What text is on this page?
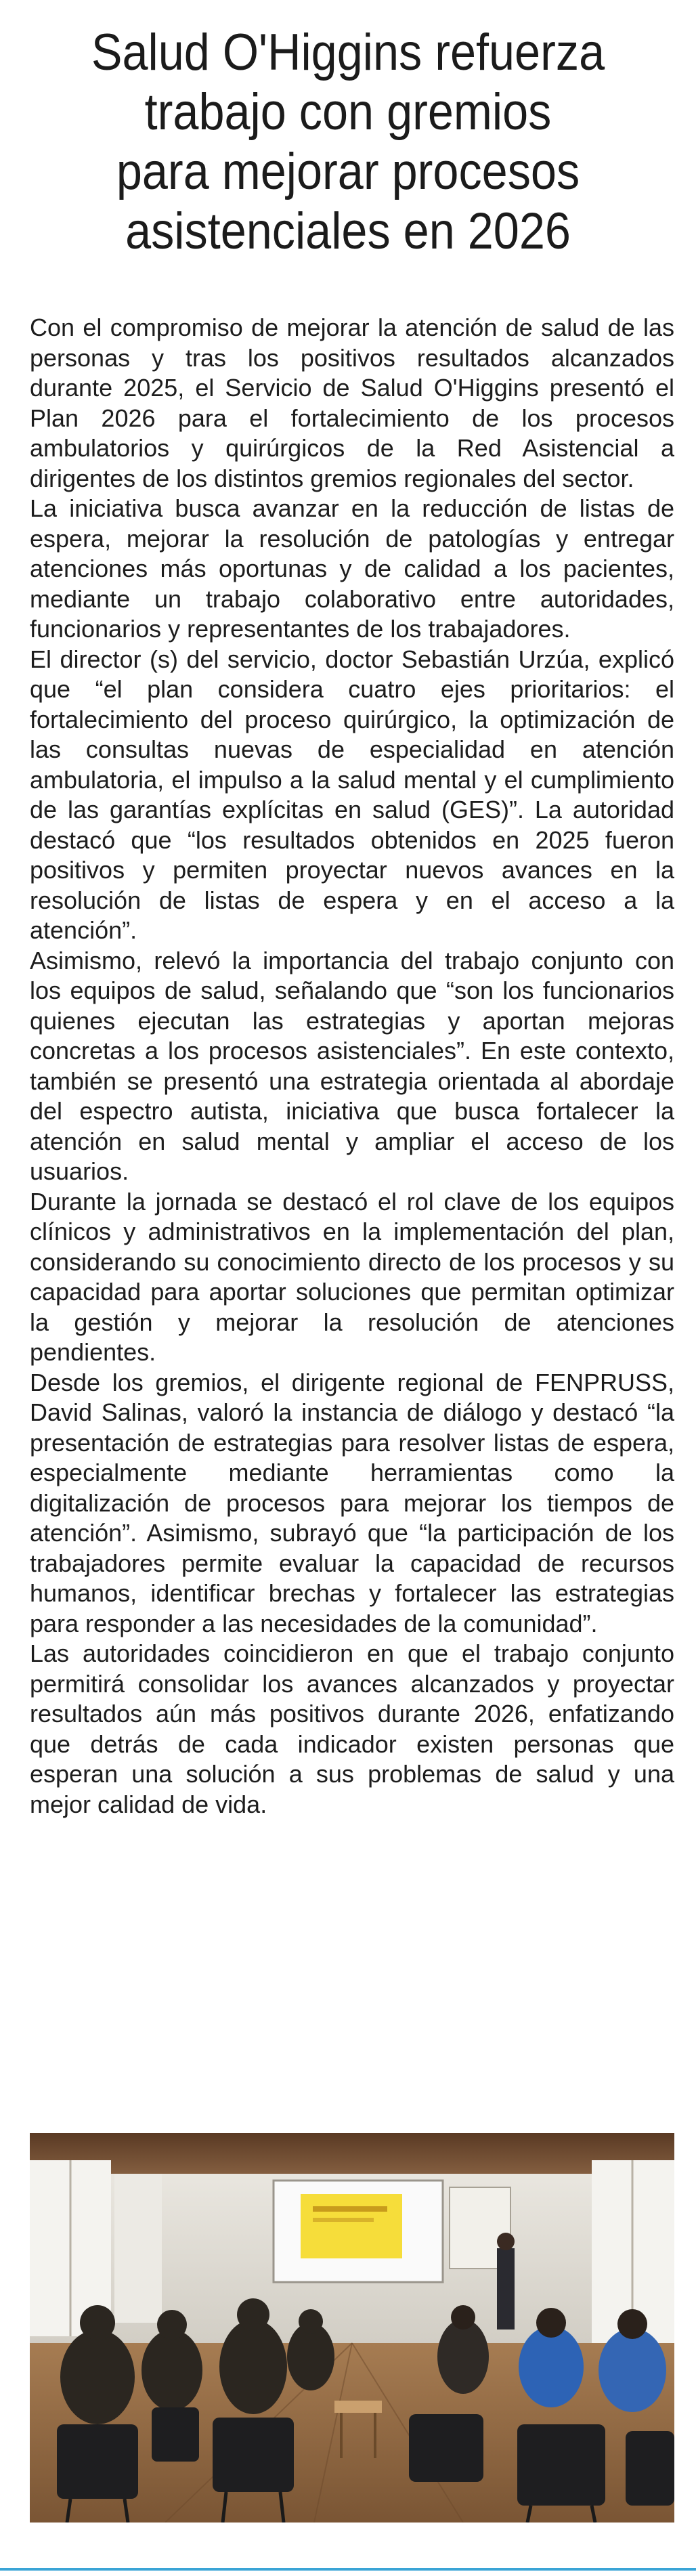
Salud O'Higgins refuerza
trabajo con gremios
para mejorar procesos
asistenciales en 2026

Con el compromiso de mejorar la atención de salud de las personas y tras los positivos resultados alcanzados durante 2025, el Servicio de Salud O'Higgins presentó el Plan 2026 para el fortalecimiento de los procesos ambulatorios y quirúrgicos de la Red Asistencial a dirigentes de los distintos gremios regionales del sector.

La iniciativa busca avanzar en la reducción de listas de espera, mejorar la resolución de patologías y entregar atenciones más oportunas y de calidad a los pacientes, mediante un trabajo colaborativo entre autoridades, funcionarios y representantes de los trabajadores.

El director (s) del servicio, doctor Sebastián Urzúa, explicó que “el plan considera cuatro ejes prioritarios: el fortalecimiento del proceso quirúrgico, la optimización de las consultas nuevas de especialidad en atención ambulatoria, el impulso a la salud mental y el cumplimiento de las garantías explícitas en salud (GES)”. La autoridad destacó que “los resultados obtenidos en 2025 fueron positivos y permiten proyectar nuevos avances en la resolución de listas de espera y en el acceso a la atención”.

Asimismo, relevó la importancia del trabajo conjunto con los equipos de salud, señalando que “son los funcionarios quienes ejecutan las estrategias y aportan mejoras concretas a los procesos asistenciales”. En este contexto, también se presentó una estrategia orientada al abordaje del espectro autista, iniciativa que busca fortalecer la atención en salud mental y ampliar el acceso de los usuarios.

Durante la jornada se destacó el rol clave de los equipos clínicos y administrativos en la implementación del plan, considerando su conocimiento directo de los procesos y su capacidad para aportar soluciones que permitan optimizar la gestión y mejorar la resolución de atenciones pendientes.

Desde los gremios, el dirigente regional de FENPRUSS, David Salinas, valoró la instancia de diálogo y destacó “la presentación de estrategias para resolver listas de espera, especialmente mediante herramientas como la digitalización de procesos para mejorar los tiempos de atención”. Asimismo, subrayó que “la participación de los trabajadores permite evaluar la capacidad de recursos humanos, identificar brechas y fortalecer las estrategias para responder a las necesidades de la comunidad”.

Las autoridades coincidieron en que el trabajo conjunto permitirá consolidar los avances alcanzados y proyectar resultados aún más positivos durante 2026, enfatizando que detrás de cada indicador existen personas que esperan una solución a sus problemas de salud y una mejor calidad de vida.
